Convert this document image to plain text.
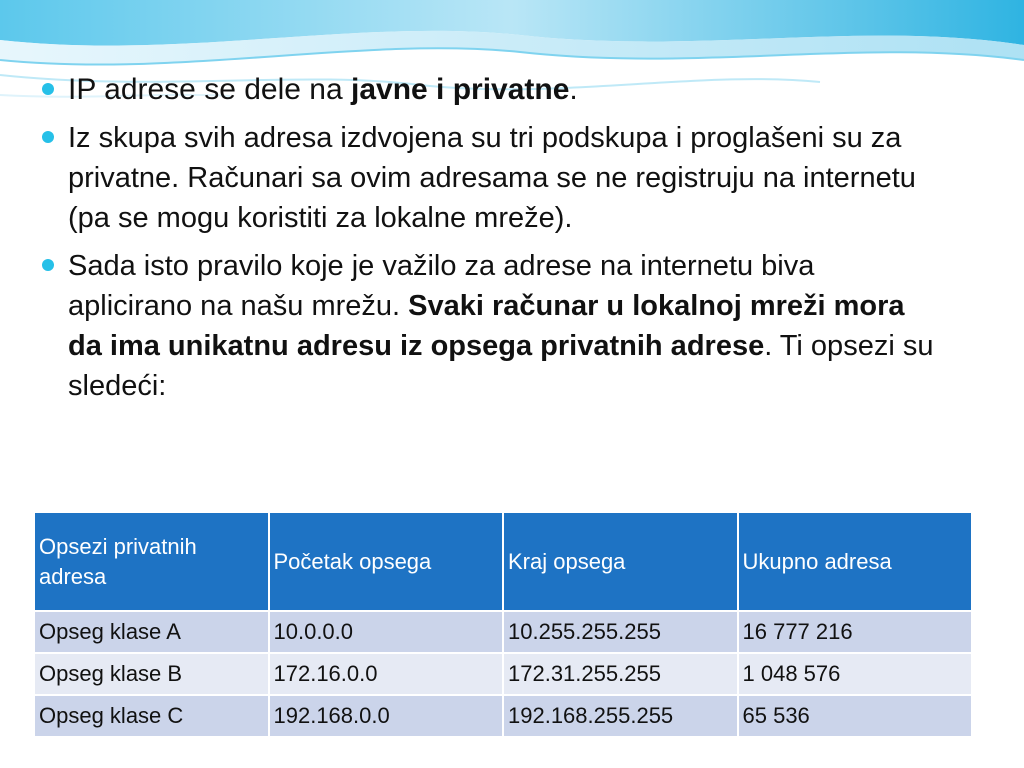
IP adrese se dele na javne i privatne.
Iz skupa svih adresa izdvojena su tri podskupa i proglašeni su za privatne. Računari sa ovim adresama se ne registruju na internetu (pa se mogu koristiti za lokalne mreže).
Sada isto pravilo koje je važilo za adrese na internetu biva aplicirano na našu mrežu. Svaki računar u lokalnoj mreži mora da ima unikatnu adresu iz opsega privatnih adrese. Ti opsezi su sledeći:
Opsezi privatnih adresa	Početak opsega	Kraj opsega	Ukupno adresa
Opseg klase A	10.0.0.0	10.255.255.255	16 777 216
Opseg klase B	172.16.0.0	172.31.255.255	1 048 576
Opseg klase C	192.168.0.0	192.168.255.255	65 536
